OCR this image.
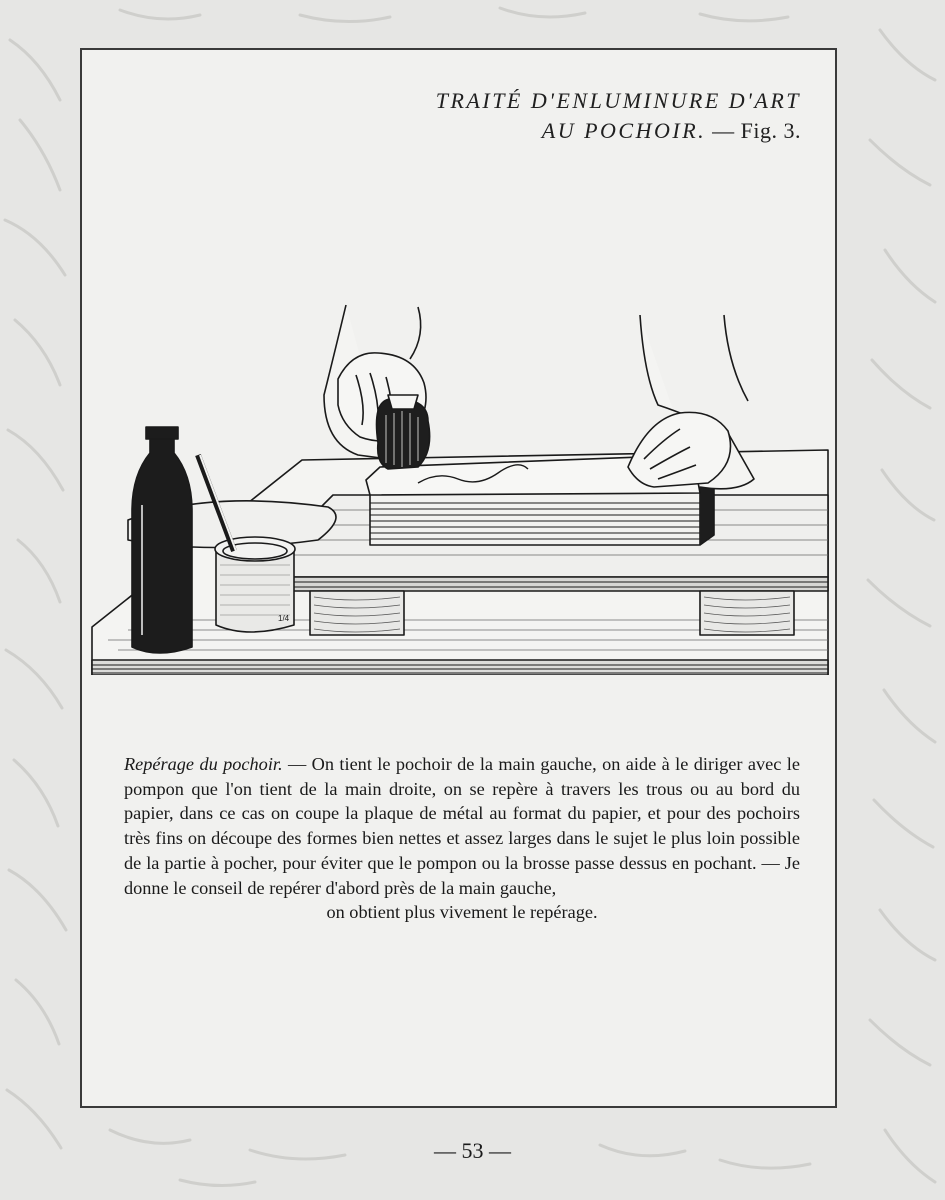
TRAITÉ D'ENLUMINURE D'ART
AU POCHOIR. — Fig. 3.
1/4
Repérage du pochoir. — On tient le pochoir de la main gauche, on aide à le diriger avec le pompon que l'on tient de la main droite, on se repère à travers les trous ou au bord du papier, dans ce cas on coupe la plaque de métal au format du papier, et pour des pochoirs très fins on découpe des formes bien nettes et assez larges dans le sujet le plus loin possible de la partie à pocher, pour éviter que le pompon ou la brosse passe dessus en pochant. — Je donne le conseil de repérer d'abord près de la main gauche,
on obtient plus vivement le repérage.
— 53 —
